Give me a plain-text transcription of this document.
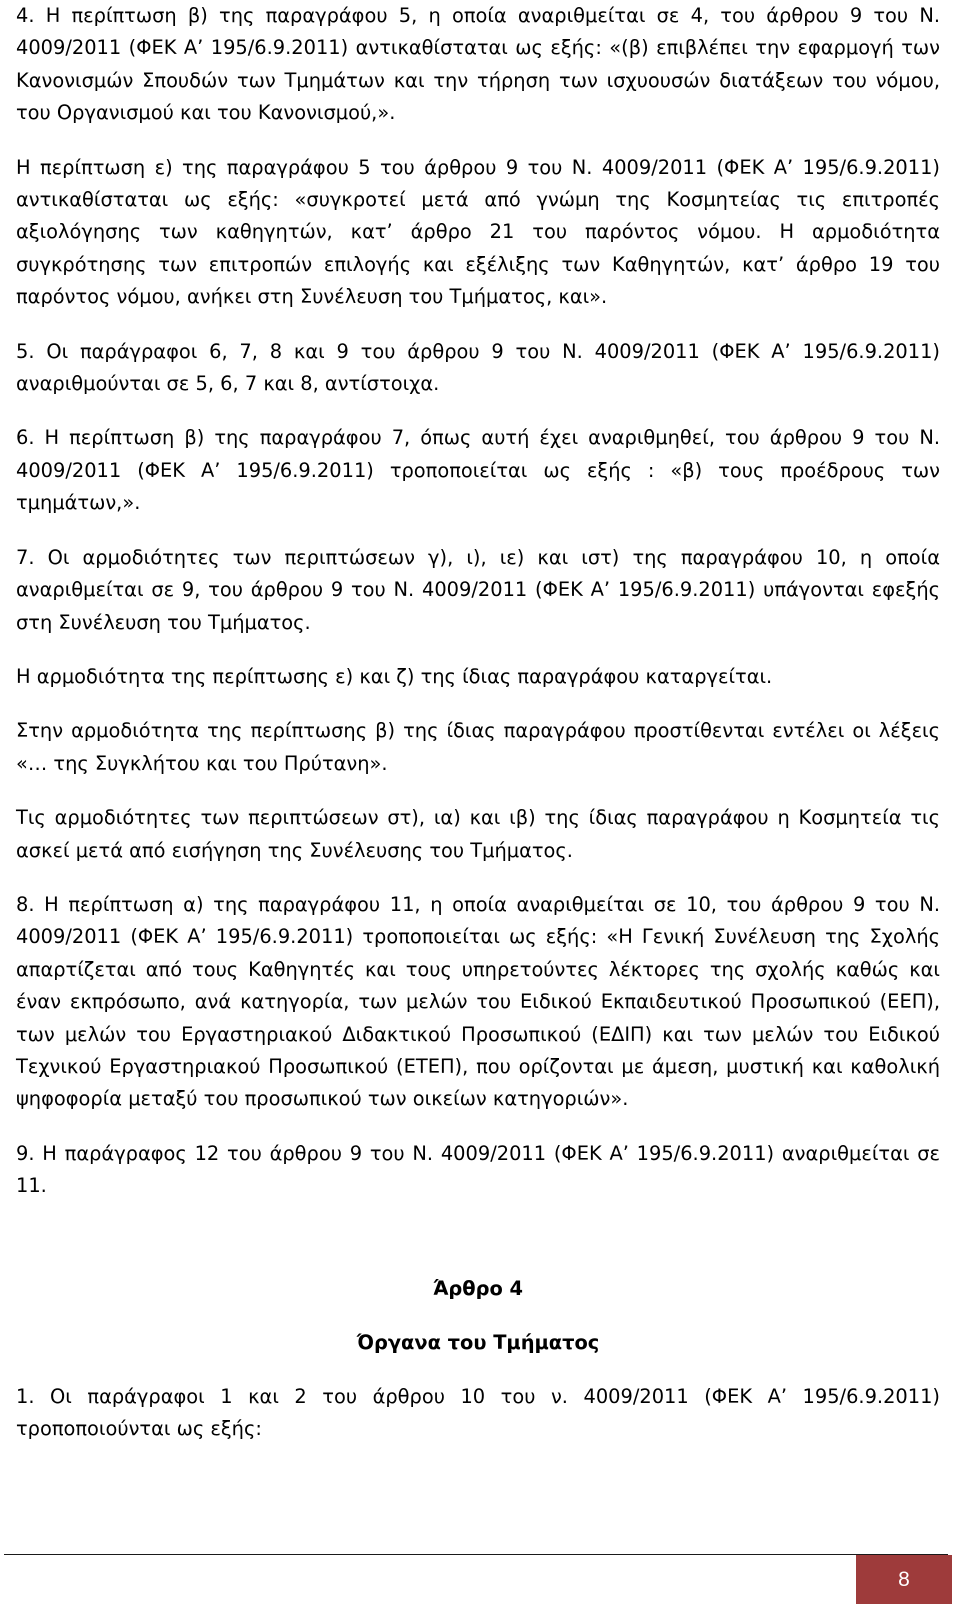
4. Η περίπτωση β) της παραγράφου 5, η οποία αναριθμείται σε 4, του άρθρου 9 του Ν. 4009/2011 (ΦΕΚ Α’ 195/6.9.2011) αντικαθίσταται ως εξής: «(β) επιβλέπει την εφαρμογή των Κανονισμών Σπουδών των Τμημάτων και την τήρηση των ισχυουσών διατάξεων του νόμου, του Οργανισμού και του Κανονισμού,».

Η περίπτωση ε) της παραγράφου 5 του άρθρου 9 του Ν. 4009/2011 (ΦΕΚ Α’ 195/6.9.2011) αντικαθίσταται ως εξής: «συγκροτεί μετά από γνώμη της Κοσμητείας τις επιτροπές αξιολόγησης των καθηγητών, κατ’ άρθρο 21 του παρόντος νόμου. Η αρμοδιότητα συγκρότησης των επιτροπών επιλογής και εξέλιξης των Καθηγητών, κατ’ άρθρο 19 του παρόντος νόμου, ανήκει στη Συνέλευση του Τμήματος, και».

5. Οι παράγραφοι 6, 7, 8 και 9 του άρθρου 9 του Ν. 4009/2011 (ΦΕΚ Α’ 195/6.9.2011) αναριθμούνται σε 5, 6, 7 και 8, αντίστοιχα.

6. Η περίπτωση β) της παραγράφου 7, όπως αυτή έχει αναριθμηθεί, του άρθρου 9 του Ν. 4009/2011 (ΦΕΚ Α’ 195/6.9.2011) τροποποιείται ως εξής : «β) τους προέδρους των τμημάτων,».

7. Οι αρμοδιότητες των περιπτώσεων γ), ι), ιε) και ιστ) της παραγράφου 10, η οποία αναριθμείται σε 9, του άρθρου 9 του Ν. 4009/2011 (ΦΕΚ Α’ 195/6.9.2011) υπάγονται εφεξής στη Συνέλευση του Τμήματος.

Η αρμοδιότητα της περίπτωσης ε) και ζ) της ίδιας παραγράφου καταργείται.

Στην αρμοδιότητα της περίπτωσης β) της ίδιας παραγράφου προστίθενται εντέλει οι λέξεις «… της Συγκλήτου και του Πρύτανη».

Τις αρμοδιότητες των περιπτώσεων στ), ια) και ιβ) της ίδιας παραγράφου η Κοσμητεία τις ασκεί μετά από εισήγηση της Συνέλευσης του Τμήματος.

8. Η περίπτωση α) της παραγράφου 11, η οποία αναριθμείται σε 10, του άρθρου 9 του Ν. 4009/2011 (ΦΕΚ Α’ 195/6.9.2011) τροποποιείται ως εξής: «Η Γενική Συνέλευση της Σχολής απαρτίζεται από τους Καθηγητές και τους υπηρετούντες λέκτορες της σχολής καθώς και έναν εκπρόσωπο, ανά κατηγορία, των μελών του Ειδικού Εκπαιδευτικού Προσωπικού (ΕΕΠ), των μελών του Εργαστηριακού Διδακτικού Προσωπικού (ΕΔΙΠ) και των μελών του Ειδικού Τεχνικού Εργαστηριακού Προσωπικού (ΕΤΕΠ), που ορίζονται με άμεση, μυστική και καθολική ψηφοφορία μεταξύ του προσωπικού των οικείων κατηγοριών».

9. Η παράγραφος 12 του άρθρου 9 του Ν. 4009/2011 (ΦΕΚ Α’ 195/6.9.2011) αναριθμείται σε 11.

Άρθρο 4

Όργανα του Τμήματος

1. Οι παράγραφοι 1 και 2 του άρθρου 10 του ν. 4009/2011 (ΦΕΚ Α’ 195/6.9.2011) τροποποιούνται ως εξής:

8
